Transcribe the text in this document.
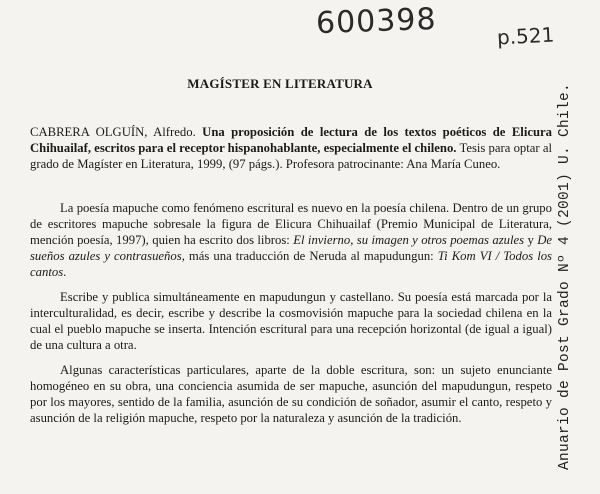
600398	p.521
Anuario de Post Grado Nº 4 (2001) U. Chile.
MAGÍSTER EN LITERATURA

CABRERA OLGUÍN, Alfredo. Una proposición de lectura de los textos poéticos de Elicura Chihuailaf, escritos para el receptor hispanohablante, especialmente el chileno. Tesis para optar al grado de Magíster en Literatura, 1999, (97 págs.). Profesora patrocinante: Ana María Cuneo.

La poesía mapuche como fenómeno escritural es nuevo en la poesía chilena. Dentro de un grupo de escritores mapuche sobresale la figura de Elicura Chihuailaf (Premio Municipal de Literatura, mención poesía, 1997), quien ha escrito dos libros: El invierno, su imagen y otros poemas azules y De sueños azules y contrasueños, más una traducción de Neruda al mapudungun: Ti Kom VI / Todos los cantos.

Escribe y publica simultáneamente en mapudungun y castellano. Su poesía está marcada por la interculturalidad, es decir, escribe y describe la cosmovisión mapuche para la sociedad chilena en la cual el pueblo mapuche se inserta. Intención escritural para una recepción horizontal (de igual a igual) de una cultura a otra.

Algunas características particulares, aparte de la doble escritura, son: un sujeto enunciante homogéneo en su obra, una conciencia asumida de ser mapuche, asunción del mapudungun, respeto por los mayores, sentido de la familia, asunción de su condición de soñador, asumir el canto, respeto y asunción de la religión mapuche, respeto por la naturaleza y asunción de la tradición.
